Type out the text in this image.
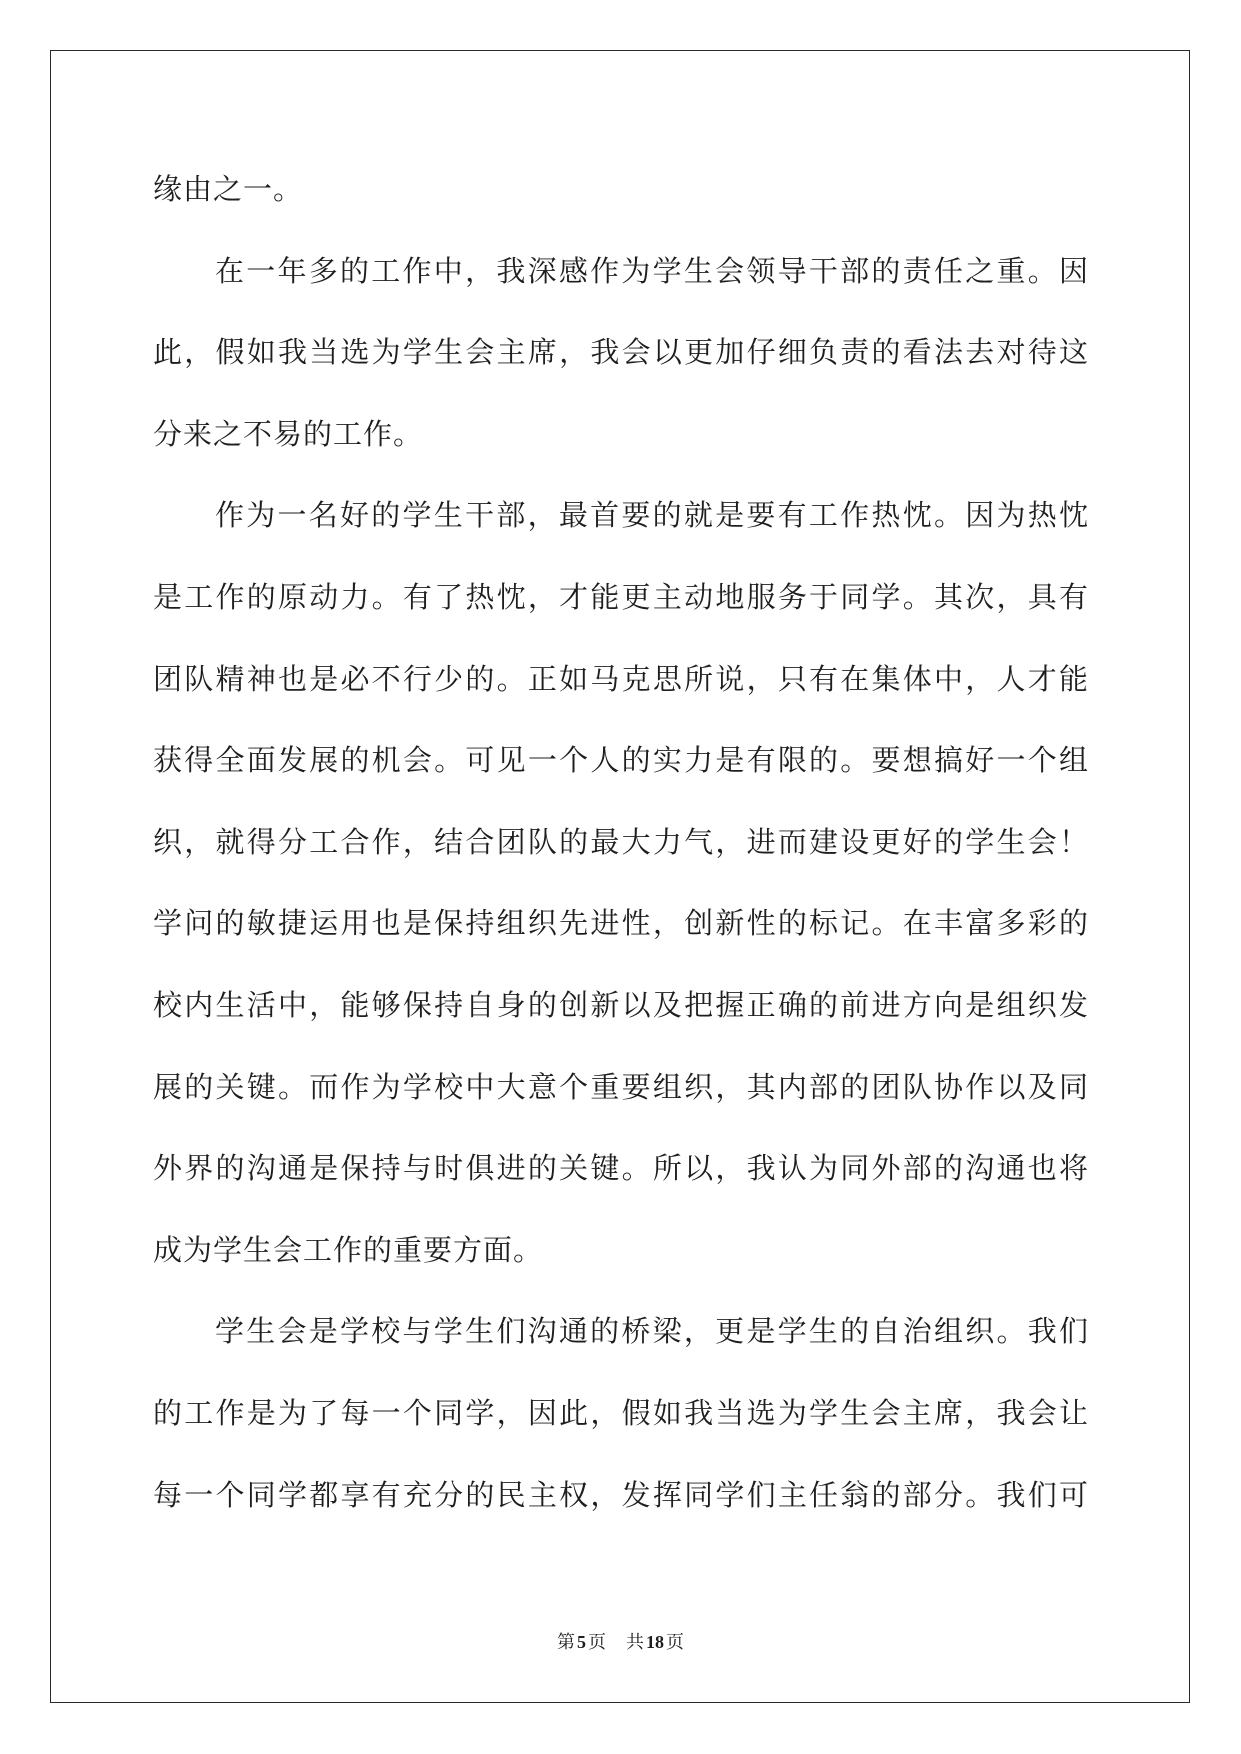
缘由之一。
在一年多的工作中，我深感作为学生会领导干部的责任之重。因
此，假如我当选为学生会主席，我会以更加仔细负责的看法去对待这
分来之不易的工作。
作为一名好的学生干部，最首要的就是要有工作热忱。因为热忱
是工作的原动力。有了热忱，才能更主动地服务于同学。其次，具有
团队精神也是必不行少的。正如马克思所说，只有在集体中，人才能
获得全面发展的机会。可见一个人的实力是有限的。要想搞好一个组
织，就得分工合作，结合团队的最大力气，进而建设更好的学生会！
学问的敏捷运用也是保持组织先进性，创新性的标记。在丰富多彩的
校内生活中，能够保持自身的创新以及把握正确的前进方向是组织发
展的关键。而作为学校中大意个重要组织，其内部的团队协作以及同
外界的沟通是保持与时俱进的关键。所以，我认为同外部的沟通也将
成为学生会工作的重要方面。
学生会是学校与学生们沟通的桥梁，更是学生的自治组织。我们
的工作是为了每一个同学，因此，假如我当选为学生会主席，我会让
每一个同学都享有充分的民主权，发挥同学们主任翁的部分。我们可
第 5 页 共 18 页
